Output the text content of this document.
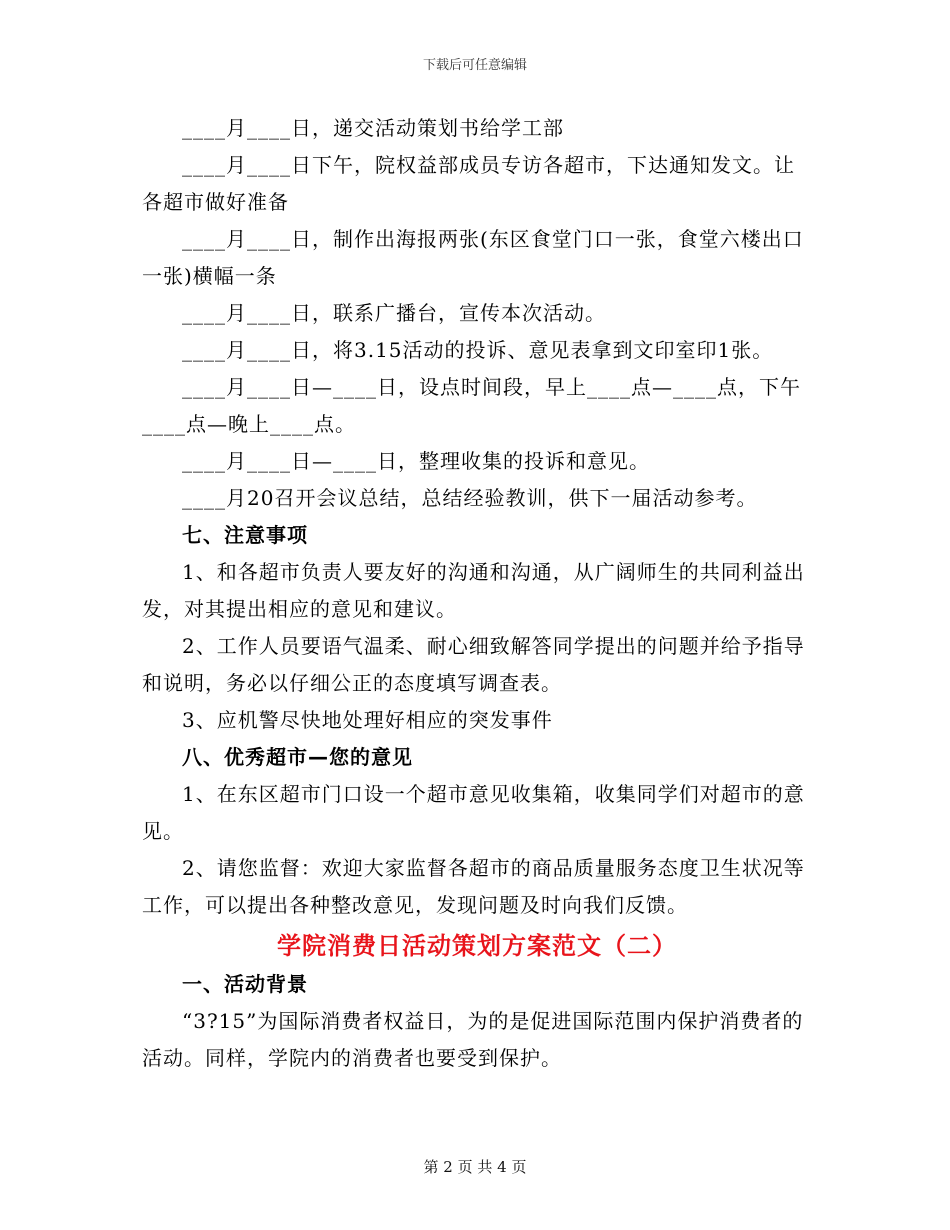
下载后可任意编辑

____月____日，递交活动策划书给学工部

____月____日下午，院权益部成员专访各超市，下达通知发文。让各超市做好准备

____月____日，制作出海报两张(东区食堂门口一张，食堂六楼出口一张)横幅一条

____月____日，联系广播台，宣传本次活动。

____月____日，将3.15活动的投诉、意见表拿到文印室印1张。

____月____日—____日，设点时间段，早上____点—____点，下午____点—晚上____点。

____月____日—____日，整理收集的投诉和意见。

____月20召开会议总结，总结经验教训，供下一届活动参考。

七、注意事项

1、和各超市负责人要友好的沟通和沟通，从广阔师生的共同利益出发，对其提出相应的意见和建议。

2、工作人员要语气温柔、耐心细致解答同学提出的问题并给予指导和说明，务必以仔细公正的态度填写调查表。

3、应机警尽快地处理好相应的突发事件

八、优秀超市—您的意见

1、在东区超市门口设一个超市意见收集箱，收集同学们对超市的意见。

2、请您监督：欢迎大家监督各超市的商品质量服务态度卫生状况等工作，可以提出各种整改意见，发现问题及时向我们反馈。

学院消费日活动策划方案范文（二）

一、活动背景

“3?15”为国际消费者权益日，为的是促进国际范围内保护消费者的活动。同样，学院内的消费者也要受到保护。

第 2 页 共 4 页
